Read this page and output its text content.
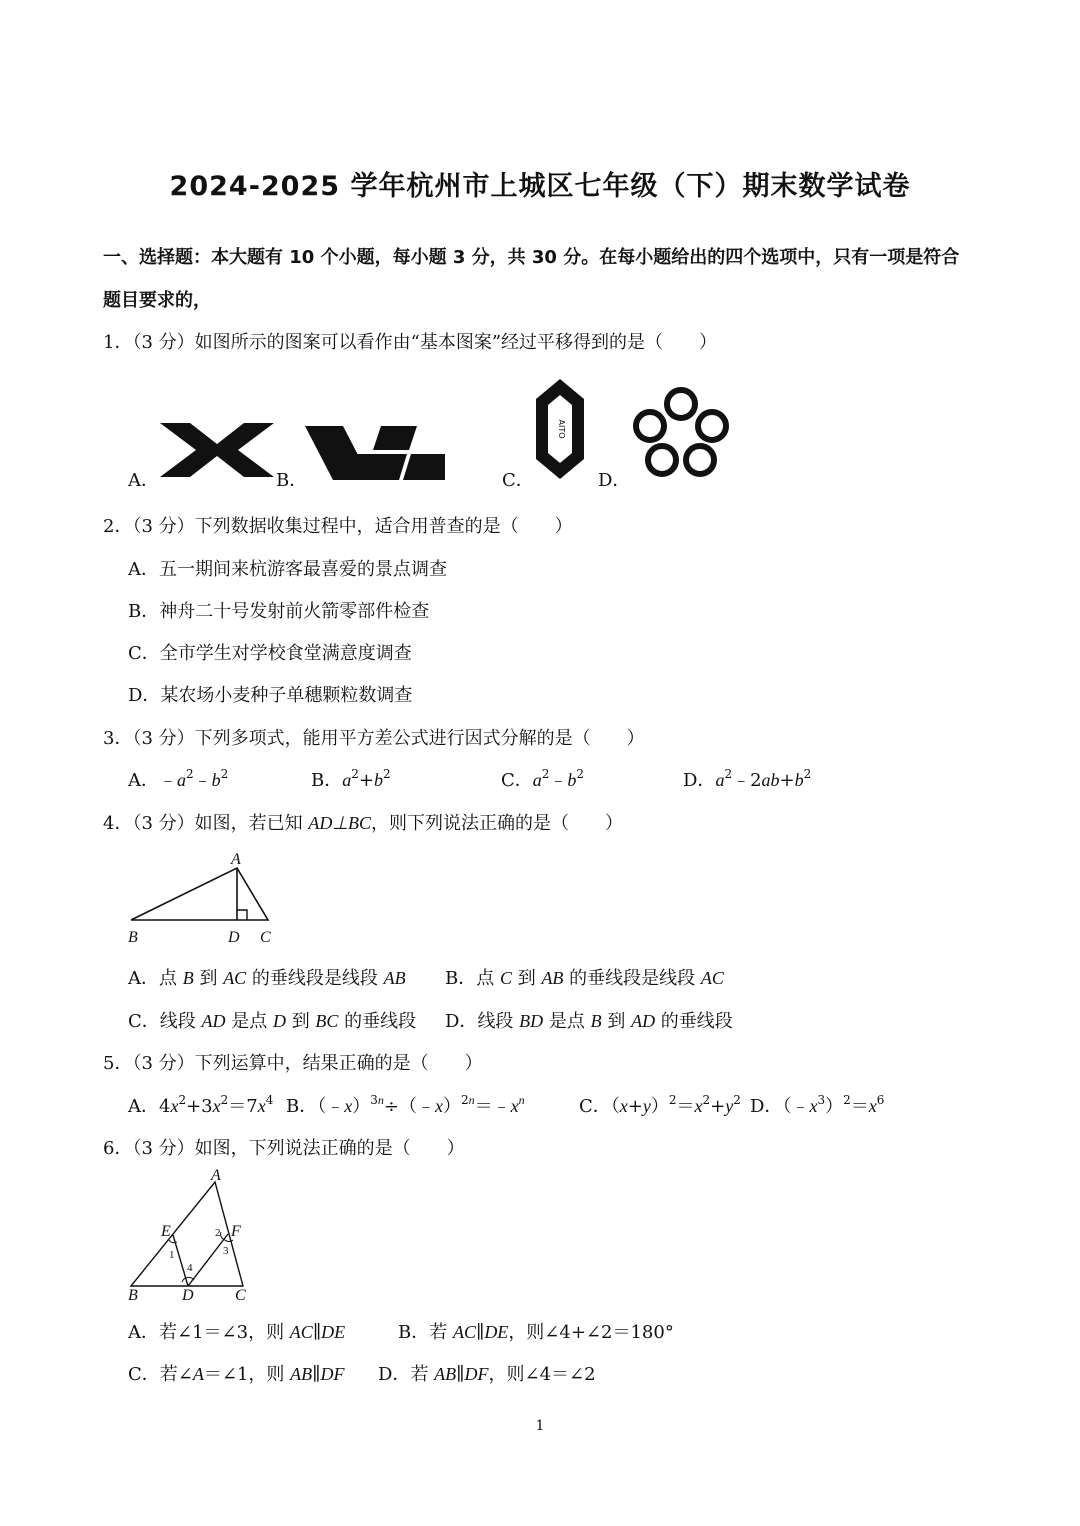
2024-2025 学年杭州市上城区七年级（下）期末数学试卷
一、选择题：本大题有 10 个小题，每小题 3 分，共 30 分。在每小题给出的四个选项中，只有一项是符合
题目要求的，
1．（3 分）如图所示的图案可以看作由“基本图案”经过平移得到的是（　　）
A．	B．	C．
AITO
D．
2．（3 分）下列数据收集过程中，适合用普查的是（　　）
A．五一期间来杭游客最喜爱的景点调查
B．神舟二十号发射前火箭零部件检查
C．全市学生对学校食堂满意度调查
D．某农场小麦种子单穗颗粒数调查
3．（3 分）下列多项式，能用平方差公式进行因式分解的是（　　）
A．$﹣a^2﹣b^2$	B．$a^2+b^2$	C．$a^2﹣b^2$	D．$a^2﹣2ab+b^2$
4．（3 分）如图，若已知 AD⊥BC，则下列说法正确的是（　　）
A
B	D C
A．点 B 到 AC 的垂线段是线段 AB B．点 C 到 AB 的垂线段是线段 AC
C．线段 AD 是点 D 到 BC 的垂线段 D．线段 BD 是点 B 到 AD 的垂线段
5．（3 分）下列运算中，结果正确的是（　　）
A．$4x^2+3x^2=7x^4$ B．$(﹣x)^{3n}\div(﹣x)^{2n}=﹣x^n$	C．$(x+y)^2=x^2+y^2$ D．$(﹣x^3)^2=x^6$
6．（3 分）如图，下列说法正确的是（　　）
A
E	F
B	D	C
1
2
3
4
A．若∠1＝∠3，则 AC∥DE	B．若 AC∥DE，则∠4+∠2＝180°
C．若∠A＝∠1，则 AB∥DF D．若 AB∥DF，则∠4＝∠2
1
